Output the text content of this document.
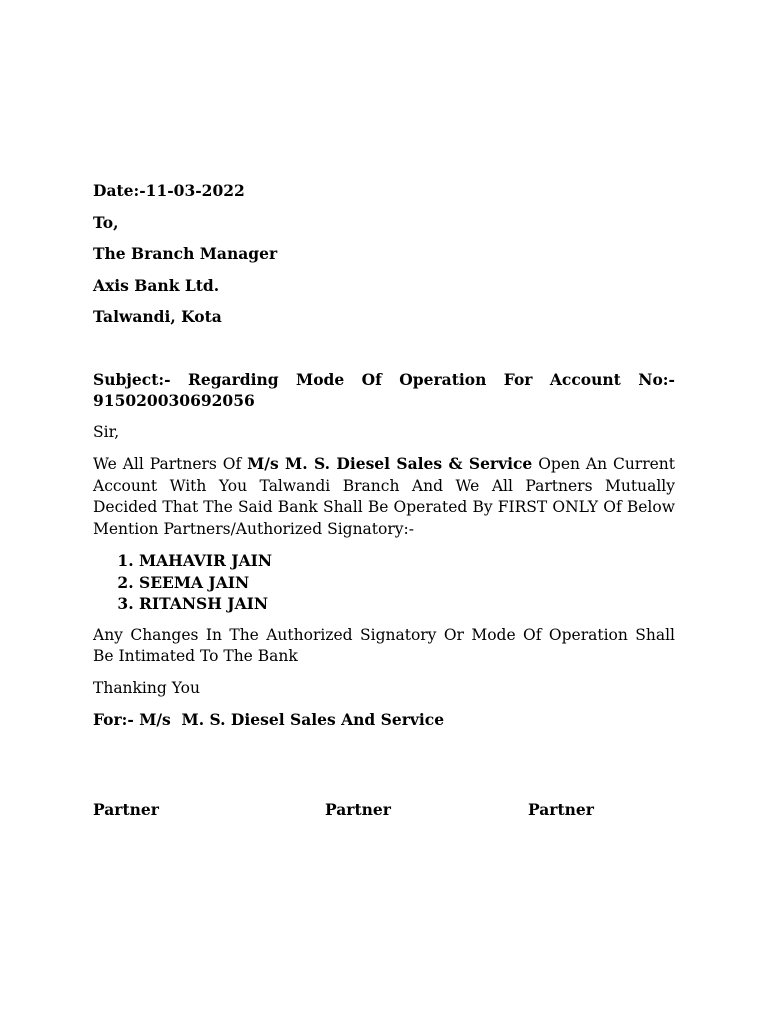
Date:-11-03-2022
To,
The Branch Manager
Axis Bank Ltd.
Talwandi, Kota
Subject:- Regarding Mode Of Operation For Account No:-
915020030692056
Sir,
We All Partners Of M/s M. S. Diesel Sales & Service Open An Current Account With You Talwandi Branch And We All Partners Mutually Decided That The Said Bank Shall Be Operated By FIRST ONLY Of Below Mention Partners/Authorized Signatory:-
1. MAHAVIR JAIN
2. SEEMA JAIN
3. RITANSH JAIN
Any Changes In The Authorized Signatory Or Mode Of Operation Shall Be Intimated To The Bank
Thanking You
For:- M/s  M. S. Diesel Sales And Service
Partner	Partner	Partner
